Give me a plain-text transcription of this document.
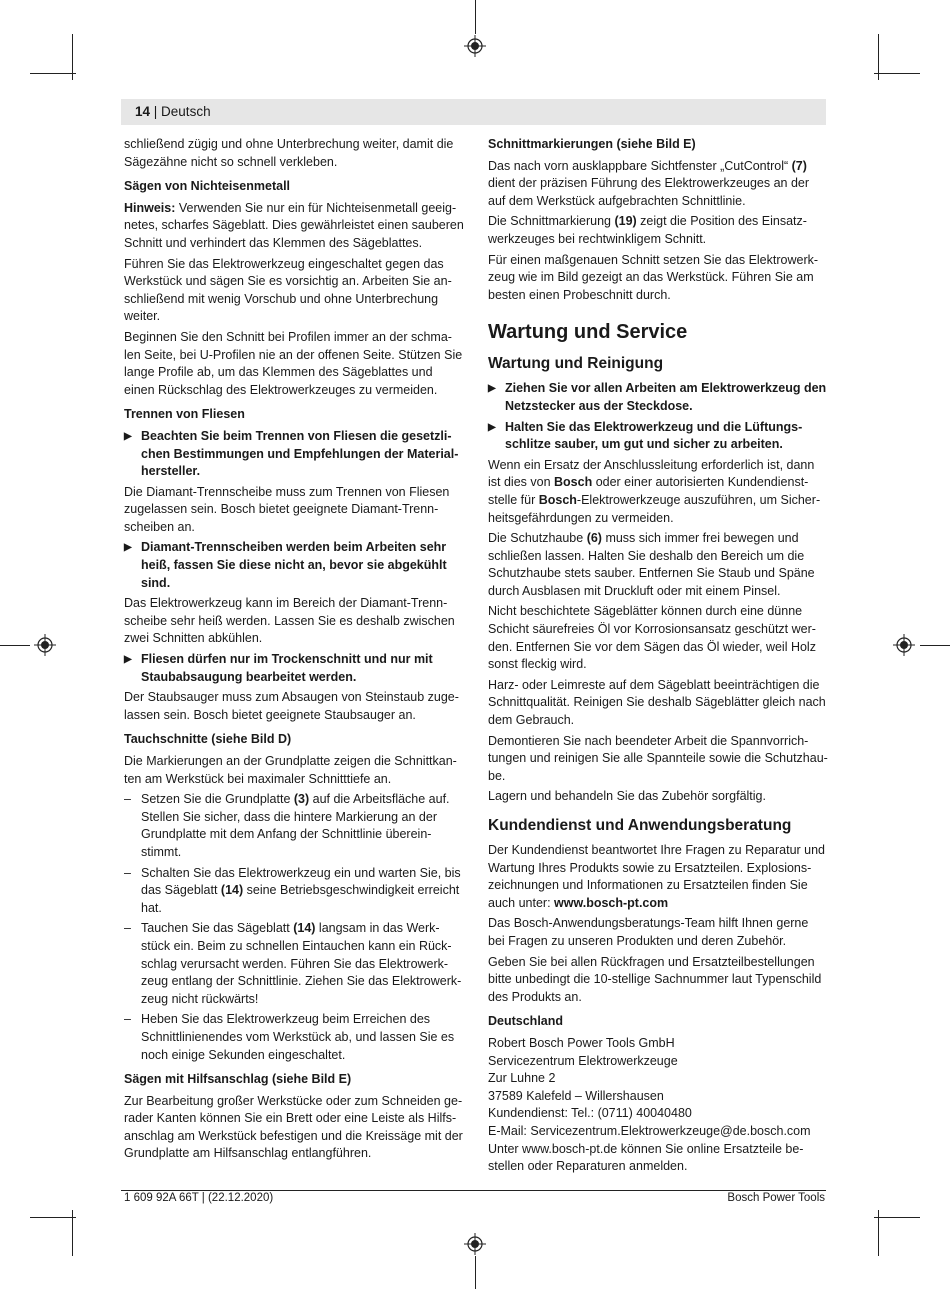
14 | Deutsch

schließend zügig und ohne Unterbrechung weiter, damit die Sägezähne nicht so schnell verkleben.

Sägen von Nichteisenmetall

Hinweis: Verwenden Sie nur ein für Nichteisenmetall geeignetes, scharfes Sägeblatt. Dies gewährleistet einen sauberen Schnitt und verhindert das Klemmen des Sägeblattes.

Führen Sie das Elektrowerkzeug eingeschaltet gegen das Werkstück und sägen Sie es vorsichtig an. Arbeiten Sie anschließend mit wenig Vorschub und ohne Unterbrechung weiter.

Beginnen Sie den Schnitt bei Profilen immer an der schmalen Seite, bei U-Profilen nie an der offenen Seite. Stützen Sie lange Profile ab, um das Klemmen des Sägeblattes und einen Rückschlag des Elektrowerkzeuges zu vermeiden.

Trennen von Fliesen
▶ Beachten Sie beim Trennen von Fliesen die gesetzlichen Bestimmungen und Empfehlungen der Materialhersteller.

Die Diamant-Trennscheibe muss zum Trennen von Fliesen zugelassen sein. Bosch bietet geeignete Diamant-Trennscheiben an.

▶ Diamant-Trennscheiben werden beim Arbeiten sehr heiß, fassen Sie diese nicht an, bevor sie abgekühlt sind.

Das Elektrowerkzeug kann im Bereich der Diamant-Trennscheibe sehr heiß werden. Lassen Sie es deshalb zwischen zwei Schnitten abkühlen.

▶ Fliesen dürfen nur im Trockenschnitt und nur mit Staubabsaugung bearbeitet werden.

Der Staubsauger muss zum Absaugen von Steinstaub zugelassen sein. Bosch bietet geeignete Staubsauger an.

Tauchschnitte (siehe Bild D)

Die Markierungen an der Grundplatte zeigen die Schnittkanten am Werkstück bei maximaler Schnitttiefe an.

– Setzen Sie die Grundplatte (3) auf die Arbeitsfläche auf. Stellen Sie sicher, dass die hintere Markierung an der Grundplatte mit dem Anfang der Schnittlinie übereinstimmt.
– Schalten Sie das Elektrowerkzeug ein und warten Sie, bis das Sägeblatt (14) seine Betriebsgeschwindigkeit erreicht hat.
– Tauchen Sie das Sägeblatt (14) langsam in das Werkstück ein. Beim zu schnellen Eintauchen kann ein Rückschlag verursacht werden. Führen Sie das Elektrowerkzeug entlang der Schnittlinie. Ziehen Sie das Elektrowerkzeug nicht rückwärts!
– Heben Sie das Elektrowerkzeug beim Erreichen des Schnittlinienendes vom Werkstück ab, und lassen Sie es noch einige Sekunden eingeschaltet.
Sägen mit Hilfsanschlag (siehe Bild E)

Zur Bearbeitung großer Werkstücke oder zum Schneiden gerader Kanten können Sie ein Brett oder eine Leiste als Hilfsanschlag am Werkstück befestigen und die Kreissäge mit der Grundplatte am Hilfsanschlag entlangführen.

Schnittmarkierungen (siehe Bild E)

Das nach vorn ausklappbare Sichtfenster „CutControl“ (7) dient der präzisen Führung des Elektrowerkzeuges an der auf dem Werkstück aufgebrachten Schnittlinie.

Die Schnittmarkierung (19) zeigt die Position des Einsatzwerkzeuges bei rechtwinkligem Schnitt.

Für einen maßgenauen Schnitt setzen Sie das Elektrowerkzeug wie im Bild gezeigt an das Werkstück. Führen Sie am besten einen Probeschnitt durch.

Wartung und Service
Wartung und Reinigung
▶ Ziehen Sie vor allen Arbeiten am Elektrowerkzeug den Netzstecker aus der Steckdose.
▶ Halten Sie das Elektrowerkzeug und die Lüftungsschlitze sauber, um gut und sicher zu arbeiten.

Wenn ein Ersatz der Anschlussleitung erforderlich ist, dann ist dies von Bosch oder einer autorisierten Kundendienststelle für Bosch-Elektrowerkzeuge auszuführen, um Sicherheitsgefährdungen zu vermeiden.

Die Schutzhaube (6) muss sich immer frei bewegen und schließen lassen. Halten Sie deshalb den Bereich um die Schutzhaube stets sauber. Entfernen Sie Staub und Späne durch Ausblasen mit Druckluft oder mit einem Pinsel.

Nicht beschichtete Sägeblätter können durch eine dünne Schicht säurefreies Öl vor Korrosionsansatz geschützt werden. Entfernen Sie vor dem Sägen das Öl wieder, weil Holz sonst fleckig wird.

Harz- oder Leimreste auf dem Sägeblatt beeinträchtigen die Schnittqualität. Reinigen Sie deshalb Sägeblätter gleich nach dem Gebrauch.

Demontieren Sie nach beendeter Arbeit die Spannvorrichtungen und reinigen Sie alle Spannteile sowie die Schutzhaube.

Lagern und behandeln Sie das Zubehör sorgfältig.

Kundendienst und Anwendungsberatung

Der Kundendienst beantwortet Ihre Fragen zu Reparatur und Wartung Ihres Produkts sowie zu Ersatzteilen. Explosionszeichnungen und Informationen zu Ersatzteilen finden Sie auch unter: www.bosch-pt.com

Das Bosch-Anwendungsberatungs-Team hilft Ihnen gerne bei Fragen zu unseren Produkten und deren Zubehör.

Geben Sie bei allen Rückfragen und Ersatzteilbestellungen bitte unbedingt die 10-stellige Sachnummer laut Typenschild des Produkts an.

Deutschland
Robert Bosch Power Tools GmbH
Servicezentrum Elektrowerkzeuge
Zur Luhne 2
37589 Kalefeld – Willershausen
Kundendienst: Tel.: (0711) 40040480
E-Mail: Servicezentrum.Elektrowerkzeuge@de.bosch.com
Unter www.bosch-pt.de können Sie online Ersatzteile bestellen oder Reparaturen anmelden.
1 609 92A 66T | (22.12.2020)	Bosch Power Tools
